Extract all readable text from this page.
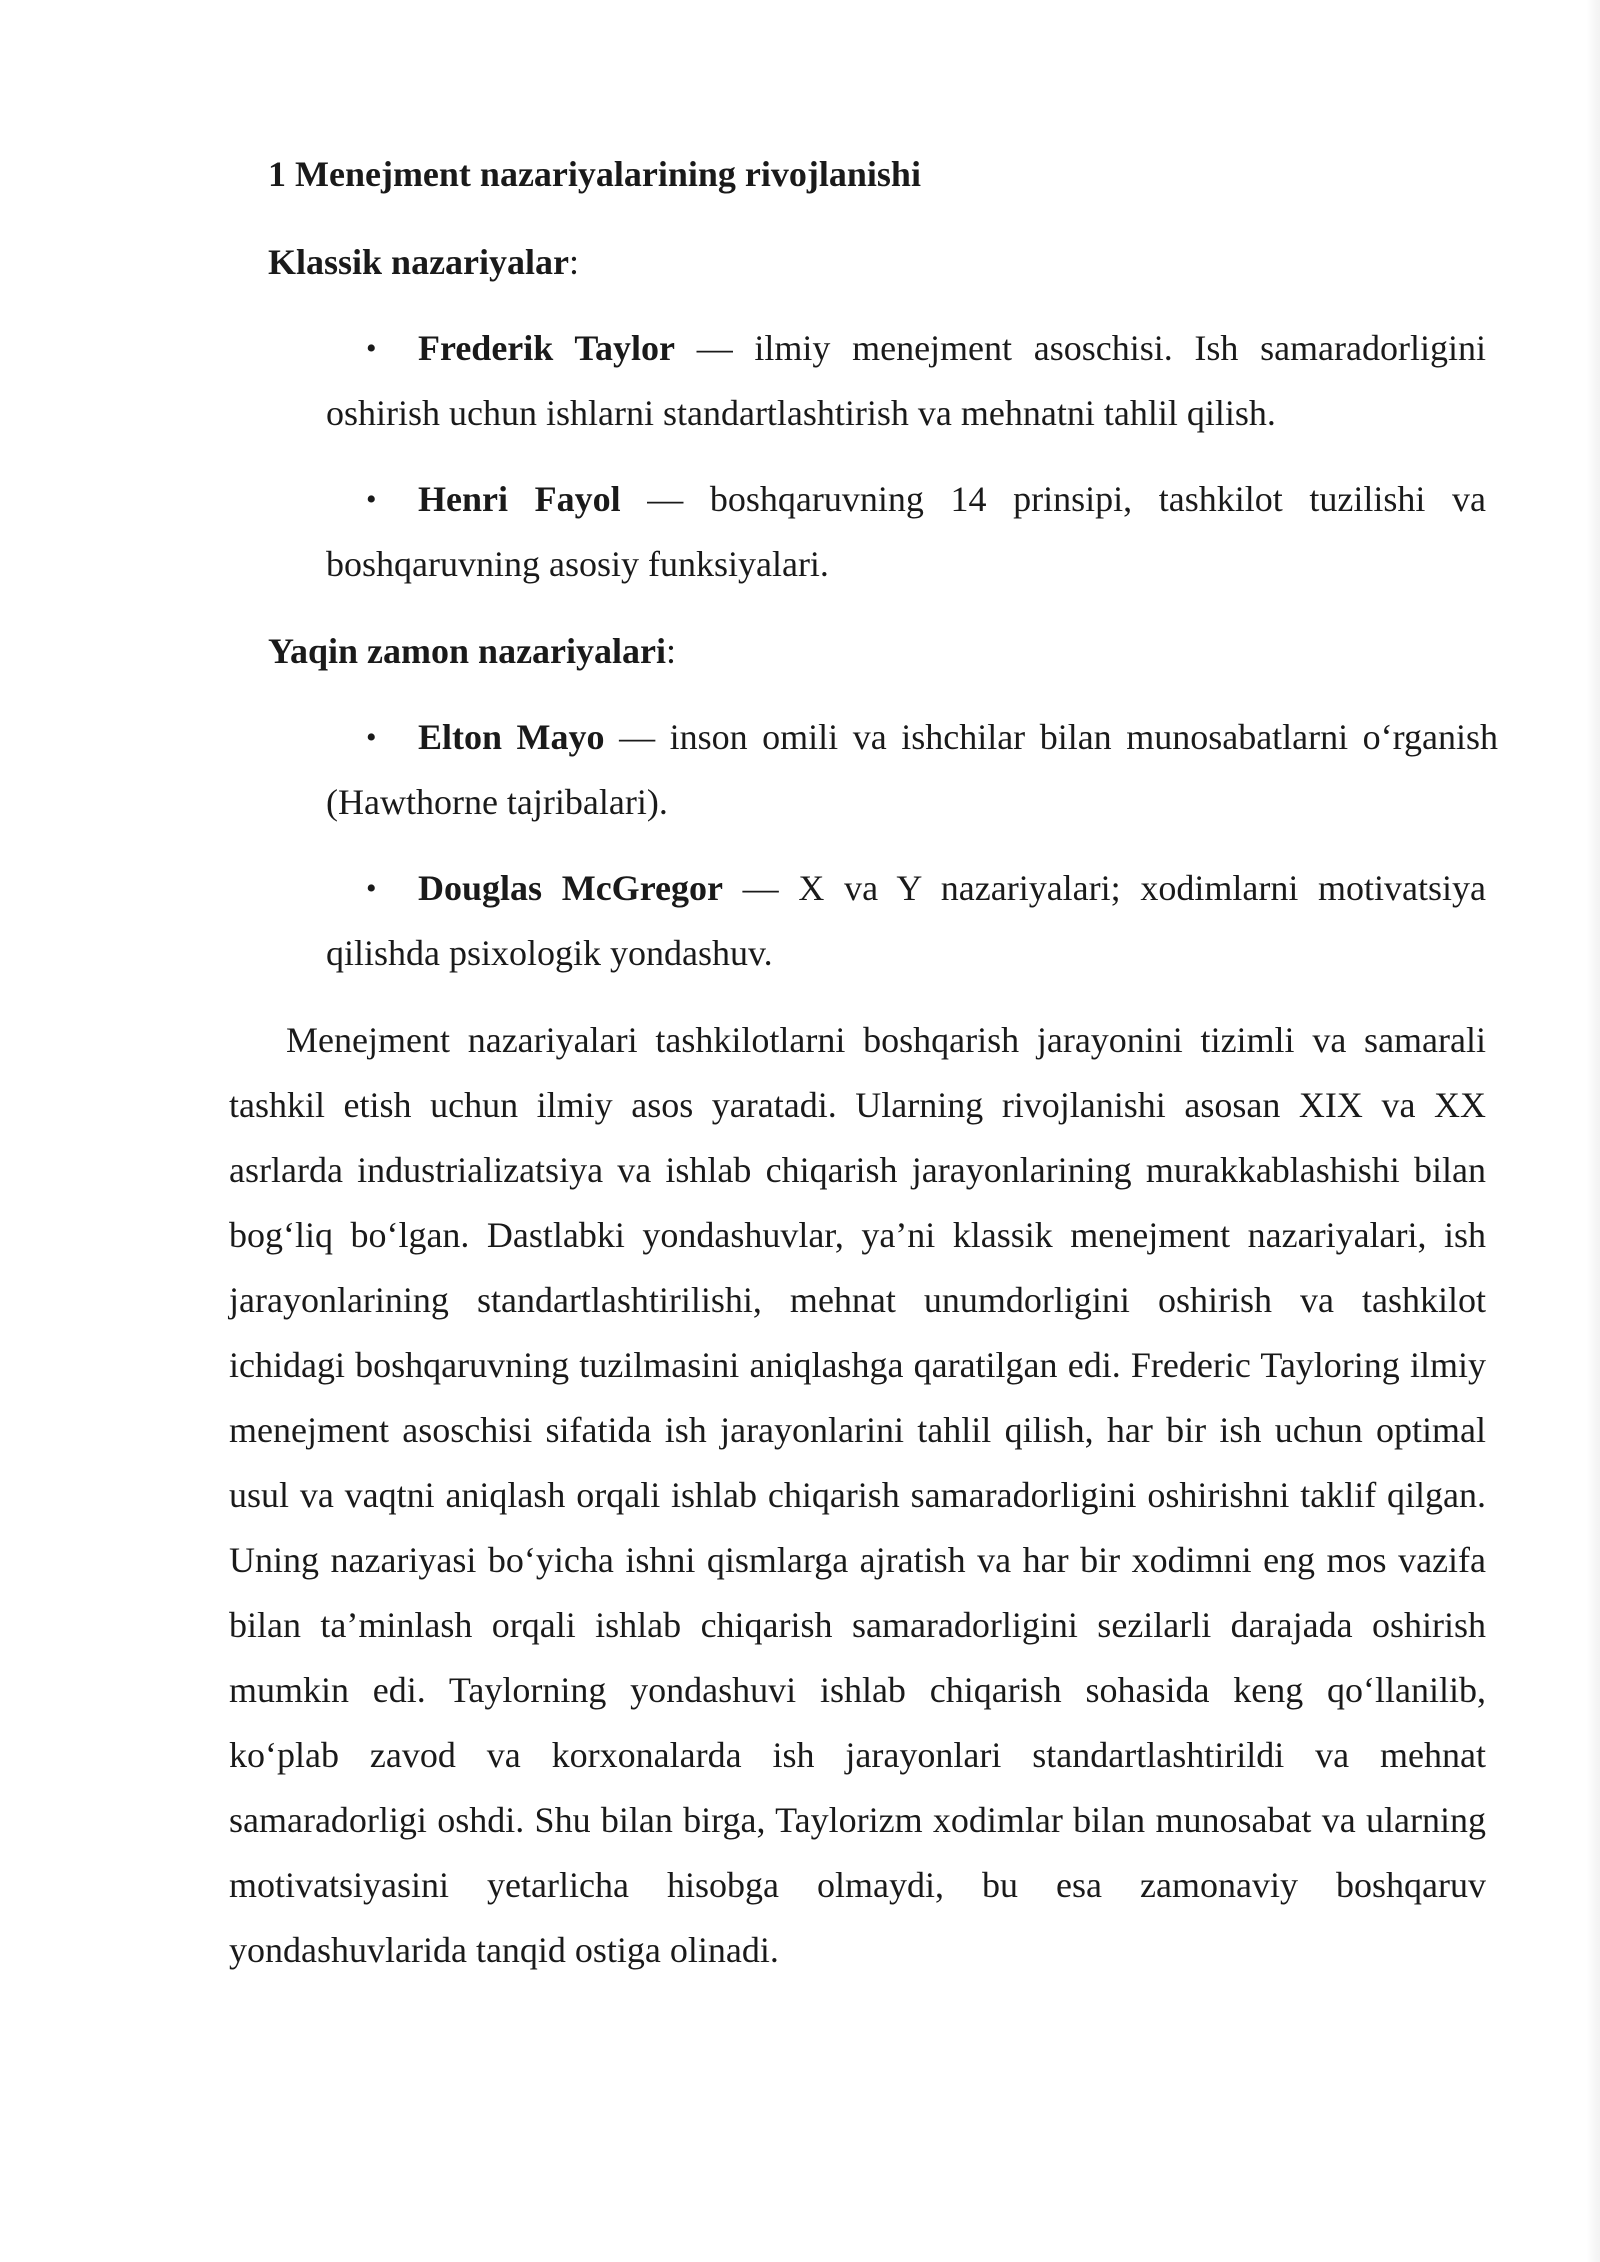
1 Menejment nazariyalarining rivojlanishi
Klassik nazariyalar:
•	Frederik Taylor — ilmiy menejment asoschisi. Ish samaradorligini oshirish uchun ishlarni standartlashtirish va mehnatni tahlil qilish.

•	Henri Fayol — boshqaruvning 14 prinsipi, tashkilot tuzilishi va boshqaruvning asosiy funksiyalari.

Yaqin zamon nazariyalari:
•	Elton Mayo — inson omili va ishchilar bilan munosabatlarni o‘rganish (Hawthorne tajribalari).

•	Douglas McGregor — X va Y nazariyalari; xodimlarni motivatsiya qilishda psixologik yondashuv.

Menejment nazariyalari tashkilotlarni boshqarish jarayonini tizimli va samarali tashkil etish uchun ilmiy asos yaratadi. Ularning rivojlanishi asosan XIX va XX asrlarda industrializatsiya va ishlab chiqarish jarayonlarining murakkablashishi bilan bog‘liq bo‘lgan. Dastlabki yondashuvlar, ya’ni klassik menejment nazariyalari, ish jarayonlarining standartlashtirilishi, mehnat unumdorligini oshirish va tashkilot ichidagi boshqaruvning tuzilmasini aniqlashga qaratilgan edi. Frederic Tayloring ilmiy menejment asoschisi sifatida ish jarayonlarini tahlil qilish, har bir ish uchun optimal usul va vaqtni aniqlash orqali ishlab chiqarish samaradorligini oshirishni taklif qilgan. Uning nazariyasi bo‘yicha ishni qismlarga ajratish va har bir xodimni eng mos vazifa bilan ta’minlash orqali ishlab chiqarish samaradorligini sezilarli darajada oshirish mumkin edi. Taylorning yondashuvi ishlab chiqarish sohasida keng qo‘llanilib, ko‘plab zavod va korxonalarda ish jarayonlari standartlashtirildi va mehnat samaradorligi oshdi. Shu bilan birga, Taylorizm xodimlar bilan munosabat va ularning motivatsiyasini yetarlicha hisobga olmaydi, bu esa zamonaviy boshqaruv yondashuvlarida tanqid ostiga olinadi.
